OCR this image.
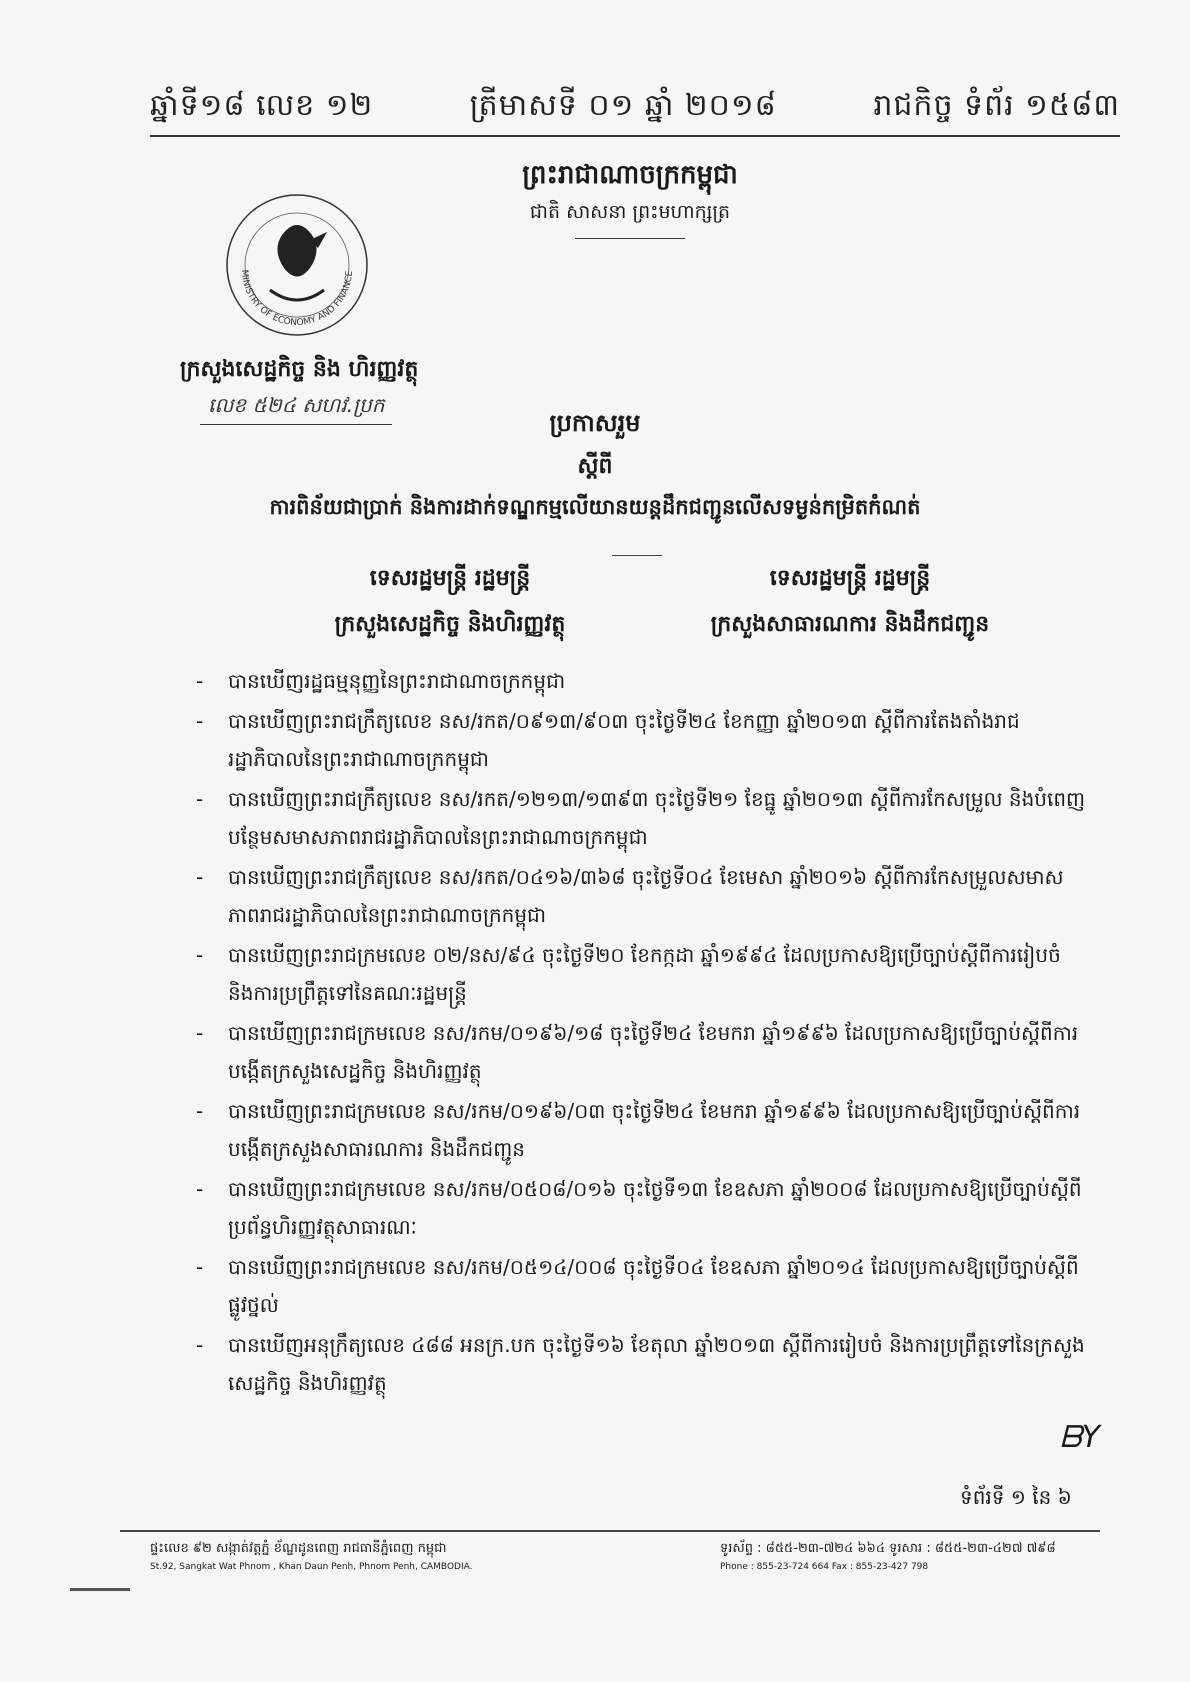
ឆ្នាំទី១៨ លេខ ១២	ត្រីមាសទី ០១ ឆ្នាំ ២០១៨	រាជកិច្ច ទំព័រ ១៥៨៣
ព្រះរាជាណាចក្រកម្ពុជា
ជាតិ សាសនា ព្រះមហាក្សត្រ
MINISTRY OF ECONOMY AND FINANCE
ក្រសួងសេដ្ឋកិច្ច និង ហិរញ្ញវត្ថុ
លេខ ៥២៤ សហវ.ប្រក
ប្រកាសរួម
ស្តីពី
ការពិន័យជាប្រាក់ និងការដាក់ទណ្ឌកម្មលើយានយន្តដឹកជញ្ជូនលើសទម្ងន់កម្រិតកំណត់
ទេសរដ្ឋមន្ត្រី រដ្ឋមន្ត្រី
ក្រសួងសេដ្ឋកិច្ច និងហិរញ្ញវត្ថុ
ទេសរដ្ឋមន្ត្រី រដ្ឋមន្ត្រី
ក្រសួងសាធារណការ និងដឹកជញ្ជូន
- បានឃើញរដ្ឋធម្មនុញ្ញនៃព្រះរាជាណាចក្រកម្ពុជា
- បានឃើញព្រះរាជក្រឹត្យលេខ នស/រកត/០៩១៣/៩០៣ ចុះថ្ងៃទី២៤ ខែកញ្ញា ឆ្នាំ២០១៣ ស្តីពីការតែងតាំងរាជរដ្ឋាភិបាលនៃព្រះរាជាណាចក្រកម្ពុជា
- បានឃើញព្រះរាជក្រឹត្យលេខ នស/រកត/១២១៣/១៣៩៣ ចុះថ្ងៃទី២១ ខែធ្នូ ឆ្នាំ២០១៣ ស្តីពីការកែសម្រួល និងបំពេញបន្ថែមសមាសភាពរាជរដ្ឋាភិបាលនៃព្រះរាជាណាចក្រកម្ពុជា
- បានឃើញព្រះរាជក្រឹត្យលេខ នស/រកត/០៤១៦/៣៦៨ ចុះថ្ងៃទី០៤ ខែមេសា ឆ្នាំ២០១៦ ស្តីពីការកែសម្រួលសមាសភាពរាជរដ្ឋាភិបាលនៃព្រះរាជាណាចក្រកម្ពុជា
- បានឃើញព្រះរាជក្រមលេខ ០២/នស/៩៤ ចុះថ្ងៃទី២០ ខែកក្កដា ឆ្នាំ១៩៩៤ ដែលប្រកាសឱ្យប្រើច្បាប់ស្តីពីការរៀបចំ និងការប្រព្រឹត្តទៅនៃគណៈរដ្ឋមន្ត្រី
- បានឃើញព្រះរាជក្រមលេខ នស/រកម/០១៩៦/១៨ ចុះថ្ងៃទី២៤ ខែមករា ឆ្នាំ១៩៩៦ ដែលប្រកាសឱ្យប្រើច្បាប់ស្តីពីការបង្កើតក្រសួងសេដ្ឋកិច្ច និងហិរញ្ញវត្ថុ
- បានឃើញព្រះរាជក្រមលេខ នស/រកម/០១៩៦/០៣ ចុះថ្ងៃទី២៤ ខែមករា ឆ្នាំ១៩៩៦ ដែលប្រកាសឱ្យប្រើច្បាប់ស្តីពីការបង្កើតក្រសួងសាធារណការ និងដឹកជញ្ជូន
- បានឃើញព្រះរាជក្រមលេខ នស/រកម/០៥០៨/០១៦ ចុះថ្ងៃទី១៣ ខែឧសភា ឆ្នាំ២០០៨ ដែលប្រកាសឱ្យប្រើច្បាប់ស្តីពីប្រព័ន្ធហិរញ្ញវត្ថុសាធារណៈ
- បានឃើញព្រះរាជក្រមលេខ នស/រកម/០៥១៤/០០៨ ចុះថ្ងៃទី០៤ ខែឧសភា ឆ្នាំ២០១៤ ដែលប្រកាសឱ្យប្រើច្បាប់ស្តីពីផ្លូវថ្នល់
- បានឃើញអនុក្រឹត្យលេខ ៤៨៨ អនក្រ.បក ចុះថ្ងៃទី១៦ ខែតុលា ឆ្នាំ២០១៣ ស្តីពីការរៀបចំ និងការប្រព្រឹត្តទៅនៃក្រសួងសេដ្ឋកិច្ច និងហិរញ្ញវត្ថុ
ᗷY
ទំព័រទី ១ នៃ ៦
ផ្ទះលេខ ៩២ សង្កាត់វត្តភ្នំ ខ័ណ្ឌដូនពេញ រាជធានីភ្នំពេញ កម្ពុជា
St.92, Sangkat Wat Phnom , Khan Daun Penh, Phnom Penh, CAMBODIA.
ទូរស័ព្ទ : ៨៥៥-២៣-៧២៤ ៦៦៤ ទូរសារ : ៨៥៥-២៣-៤២៧ ៧៩៨
Phone : 855-23-724 664 Fax : 855-23-427 798
